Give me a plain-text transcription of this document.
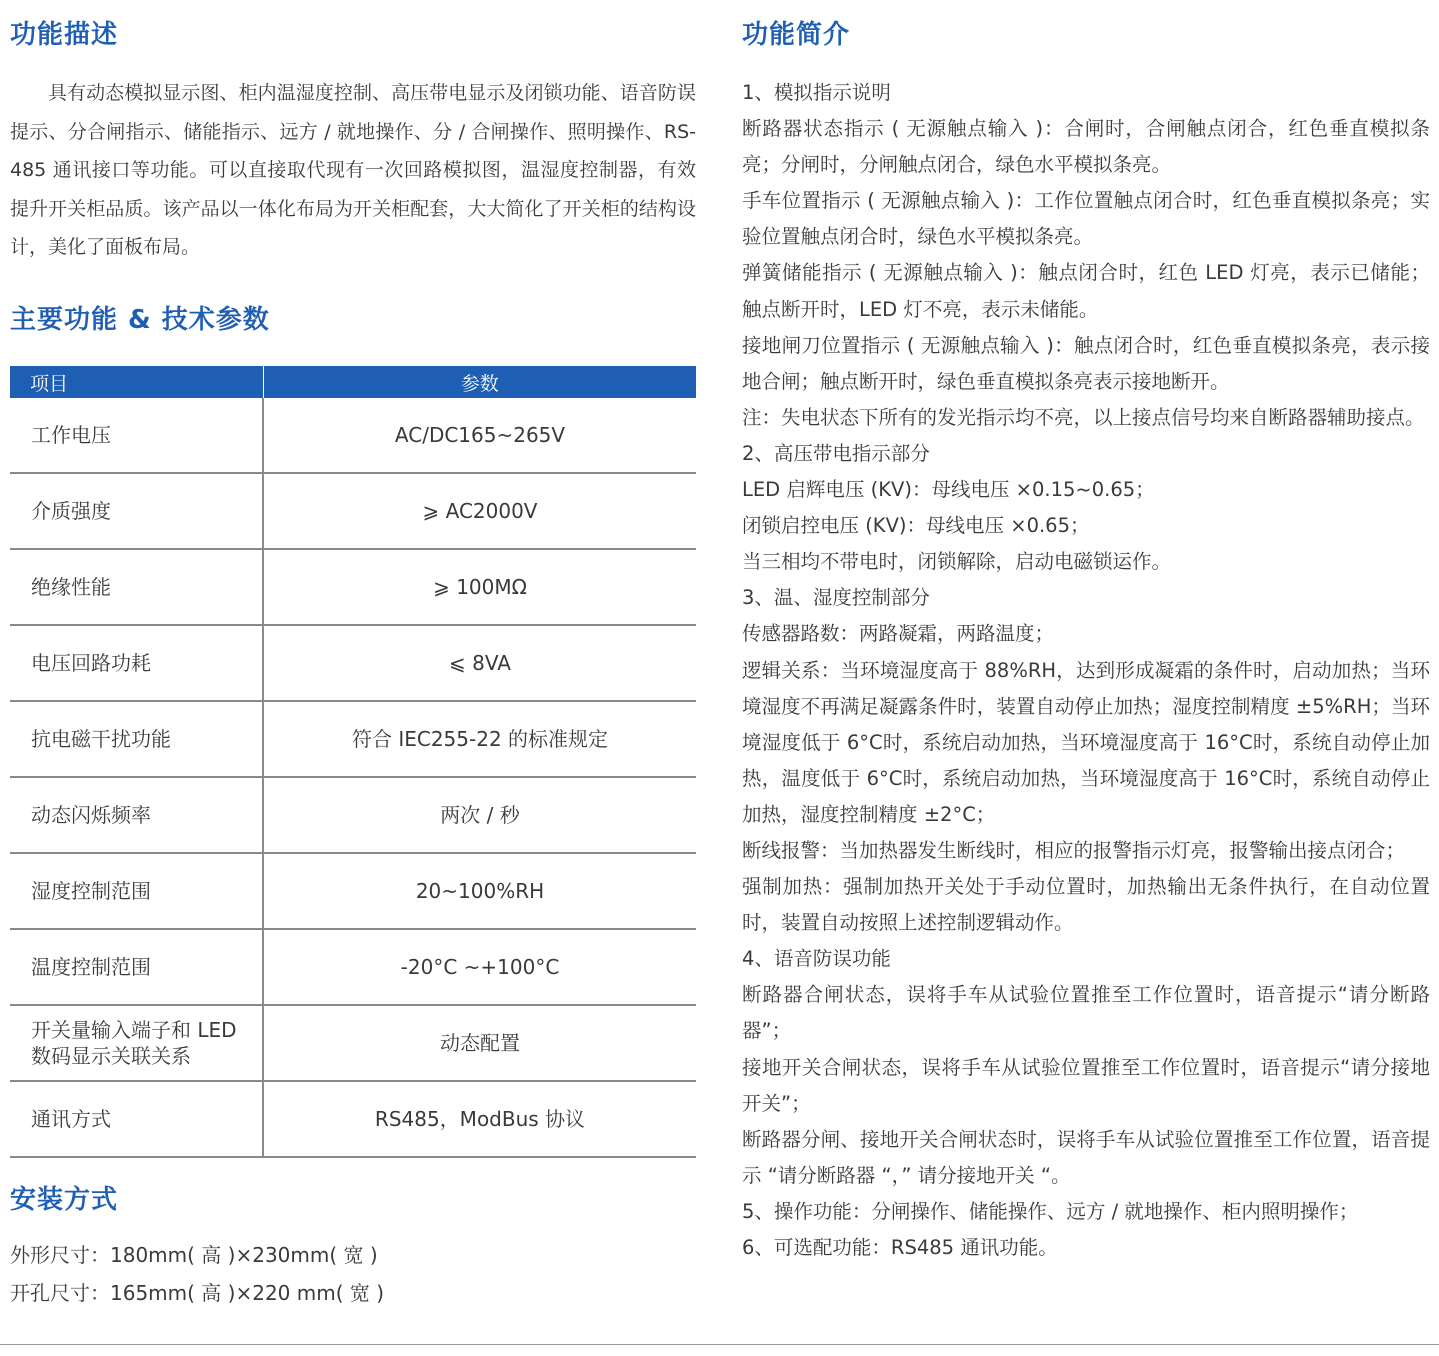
功能描述

具有动态模拟显示图、柜内温湿度控制、高压带电显示及闭锁功能、语音防误提示、分合闸指示、储能指示、远方 / 就地操作、分 / 合闸操作、照明操作、RS-485 通讯接口等功能。可以直接取代现有一次回路模拟图，温湿度控制器，有效提升开关柜品质。该产品以一体化布局为开关柜配套，大大简化了开关柜的结构设计，美化了面板布局。

主要功能 & 技术参数
项目	参数
工作电压	AC/DC165~265V
介质强度	⩾ AC2000V
绝缘性能	⩾ 100MΩ
电压回路功耗	⩽ 8VA
抗电磁干扰功能	符合 IEC255-22 的标准规定
动态闪烁频率	两次 / 秒
湿度控制范围	20~100%RH
温度控制范围	-20°C ~+100°C
开关量输入端子和 LED 数码显示关联关系	动态配置
通讯方式	RS485，ModBus 协议
安装方式
外形尺寸：180mm( 高 )×230mm( 宽 )
开孔尺寸：165mm( 高 )×220 mm( 宽 )
功能简介

1、模拟指示说明

断路器状态指示 ( 无源触点输入 )：合闸时，合闸触点闭合，红色垂直模拟条亮；分闸时，分闸触点闭合，绿色水平模拟条亮。

手车位置指示 ( 无源触点输入 )：工作位置触点闭合时，红色垂直模拟条亮；实验位置触点闭合时，绿色水平模拟条亮。

弹簧储能指示 ( 无源触点输入 )：触点闭合时，红色 LED 灯亮，表示已储能；触点断开时，LED 灯不亮，表示未储能。

接地闸刀位置指示 ( 无源触点输入 )：触点闭合时，红色垂直模拟条亮，表示接地合闸；触点断开时，绿色垂直模拟条亮表示接地断开。

注：失电状态下所有的发光指示均不亮，以上接点信号均来自断路器辅助接点。

2、高压带电指示部分

LED 启辉电压 (KV)：母线电压 ×0.15~0.65；

闭锁启控电压 (KV)：母线电压 ×0.65；

当三相均不带电时，闭锁解除，启动电磁锁运作。

3、温、湿度控制部分

传感器路数：两路凝霜，两路温度；

逻辑关系：当环境湿度高于 88%RH，达到形成凝霜的条件时，启动加热；当环境湿度不再满足凝露条件时，装置自动停止加热；湿度控制精度 ±5%RH；当环境湿度低于 6°C时，系统启动加热，当环境湿度高于 16°C时，系统自动停止加热，温度低于 6°C时，系统启动加热，当环境湿度高于 16°C时，系统自动停止加热，湿度控制精度 ±2°C；

断线报警：当加热器发生断线时，相应的报警指示灯亮，报警输出接点闭合；

强制加热：强制加热开关处于手动位置时，加热输出无条件执行，在自动位置时，装置自动按照上述控制逻辑动作。

4、语音防误功能

断路器合闸状态，误将手车从试验位置推至工作位置时，语音提示“请分断路器”；

接地开关合闸状态，误将手车从试验位置推至工作位置时，语音提示“请分接地开关”；

断路器分闸、接地开关合闸状态时，误将手车从试验位置推至工作位置，语音提示 “请分断路器 “，” 请分接地开关 “。

5、操作功能：分闸操作、储能操作、远方 / 就地操作、柜内照明操作；

6、可选配功能：RS485 通讯功能。
